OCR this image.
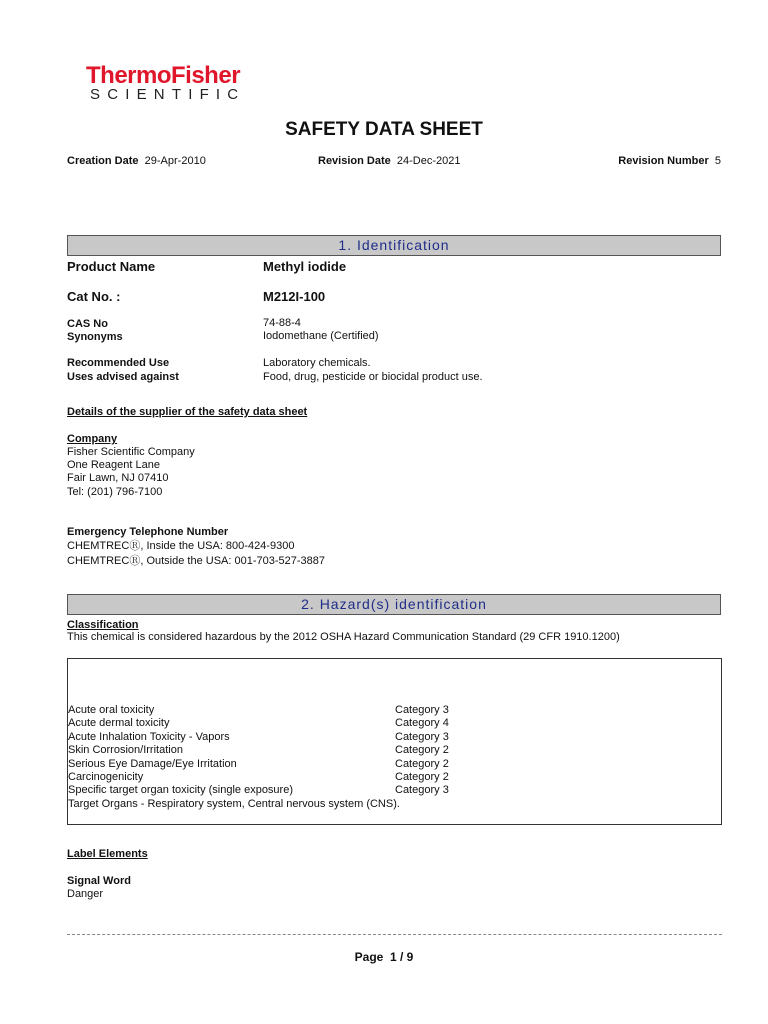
ThermoFisher
SCIENTIFIC
SAFETY DATA SHEET
Creation Date 29-Apr-2010	Revision Date 24-Dec-2021	Revision Number 5
1. Identification
Product Name	Methyl iodide
Cat No. :	M212I-100
CAS No	74-88-4
Synonyms	Iodomethane (Certified)
Recommended Use	Laboratory chemicals.
Uses advised against	Food, drug, pesticide or biocidal product use.
Details of the supplier of the safety data sheet
Company
Fisher Scientific Company
One Reagent Lane
Fair Lawn, NJ 07410
Tel: (201) 796-7100
Emergency Telephone Number
CHEMTRECⓇ, Inside the USA: 800-424-9300
CHEMTRECⓇ, Outside the USA: 001-703-527-3887
2. Hazard(s) identification
Classification
This chemical is considered hazardous by the 2012 OSHA Hazard Communication Standard (29 CFR 1910.1200)
Acute oral toxicity	Category 3
Acute dermal toxicity	Category 4
Acute Inhalation Toxicity - Vapors	Category 3
Skin Corrosion/Irritation	Category 2
Serious Eye Damage/Eye Irritation	Category 2
Carcinogenicity	Category 2
Specific target organ toxicity (single exposure)	Category 3
Target Organs - Respiratory system, Central nervous system (CNS).
Label Elements
Signal Word
Danger
Page 1 / 9
